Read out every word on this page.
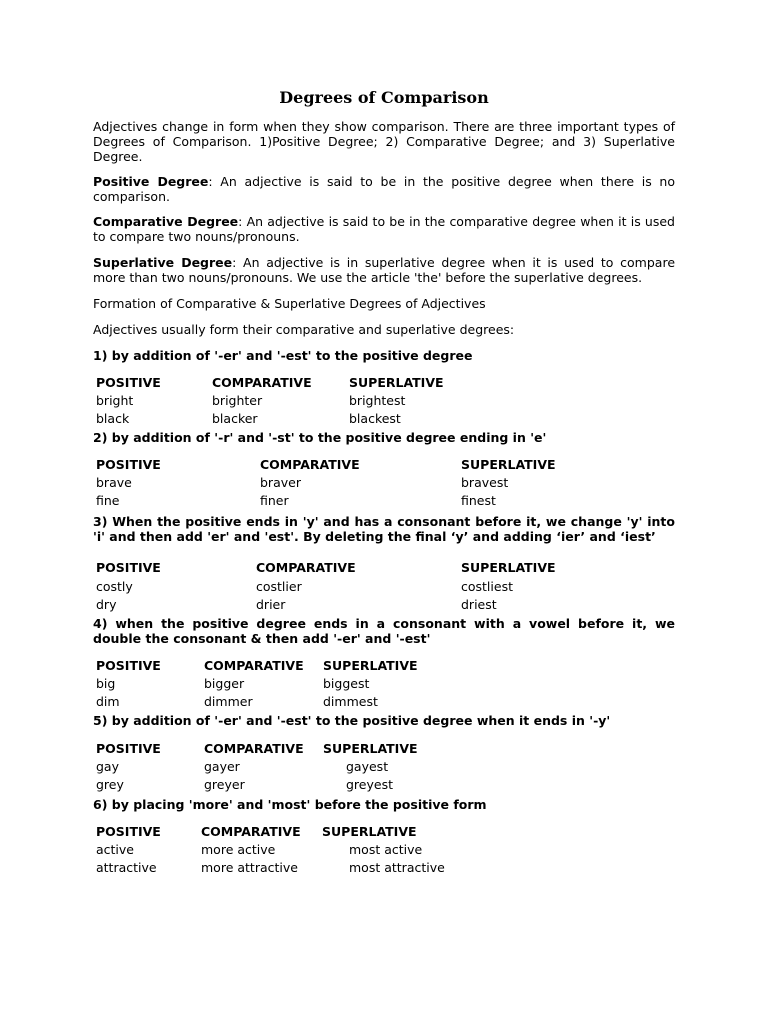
Degrees of Comparison

Adjectives change in form when they show comparison. There are three important types of Degrees of Comparison. 1)Positive Degree; 2) Comparative Degree; and 3) Superlative Degree.

Positive Degree: An adjective is said to be in the positive degree when there is no comparison.

Comparative Degree: An adjective is said to be in the comparative degree when it is used to compare two nouns/pronouns.

Superlative Degree: An adjective is in superlative degree when it is used to compare more than two nouns/pronouns. We use the article 'the' before the superlative degrees.

Formation of Comparative & Superlative Degrees of Adjectives

Adjectives usually form their comparative and superlative degrees:

1) by addition of '-er' and '-est' to the positive degree

POSITIVE	COMPARATIVE	SUPERLATIVE
bright	brighter	brightest
black	blacker	blackest

2) by addition of '-r' and '-st' to the positive degree ending in 'e'

POSITIVE	COMPARATIVE	SUPERLATIVE
brave	braver	bravest
fine	finer	finest

3) When the positive ends in 'y' and has a consonant before it, we change 'y' into 'i' and then add 'er' and 'est'. By deleting the final ‘y’ and adding ‘ier’ and ‘iest’

POSITIVE	COMPARATIVE	SUPERLATIVE
costly	costlier	costliest
dry	drier	driest

4) when the positive degree ends in a consonant with a vowel before it, we double the consonant & then add '-er' and '-est'

POSITIVE	COMPARATIVE SUPERLATIVE
big	bigger	biggest
dim	dimmer	dimmest

5) by addition of '-er' and '-est' to the positive degree when it ends in '-y'

POSITIVE	COMPARATIVE SUPERLATIVE
gay	gayer	gayest
grey	greyer	greyest

6) by placing 'more' and 'most' before the positive form

POSITIVE	COMPARATIVE SUPERLATIVE
active	more active	most active
attractive	more attractive	most attractive
